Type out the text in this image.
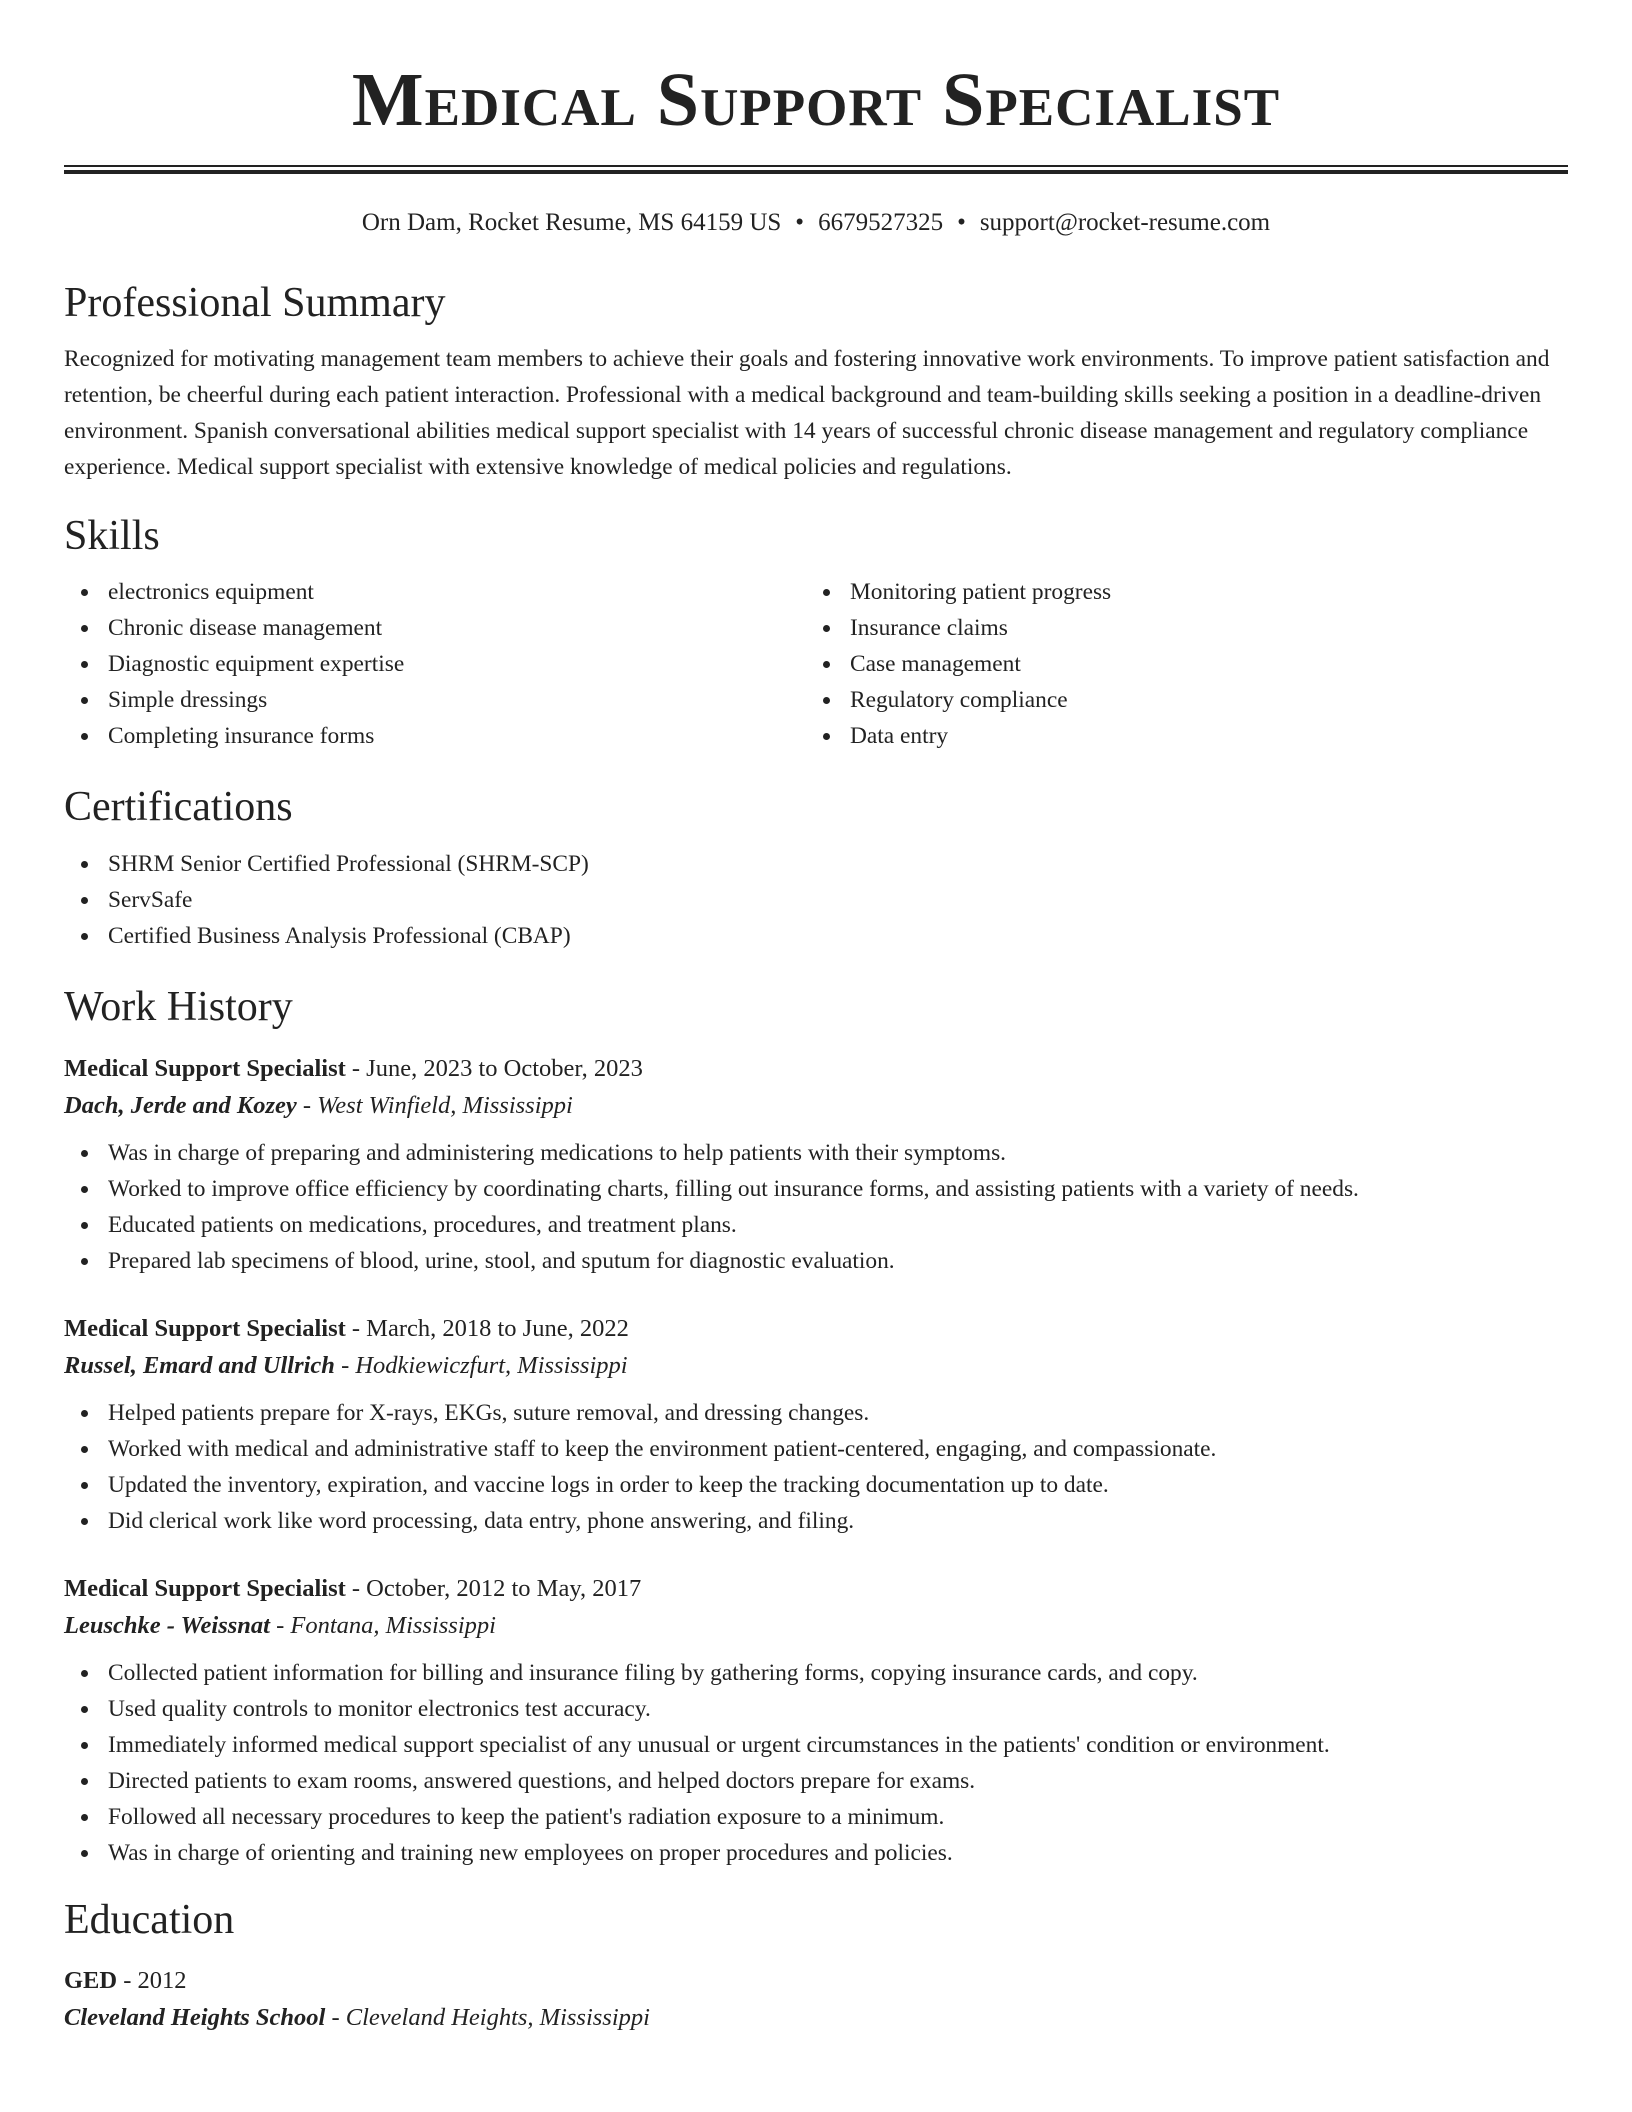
Medical Support Specialist
Orn Dam, Rocket Resume, MS 64159 US • 6679527325 • support@rocket-resume.com
Professional Summary

Recognized for motivating management team members to achieve their goals and fostering innovative work environments. To improve patient satisfaction and retention, be cheerful during each patient interaction. Professional with a medical background and team-building skills seeking a position in a deadline-driven environment. Spanish conversational abilities medical support specialist with 14 years of successful chronic disease management and regulatory compliance experience. Medical support specialist with extensive knowledge of medical policies and regulations.

Skills
electronics equipment
Chronic disease management
Diagnostic equipment expertise
Simple dressings
Completing insurance forms
Monitoring patient progress
Insurance claims
Case management
Regulatory compliance
Data entry
Certifications
SHRM Senior Certified Professional (SHRM-SCP)
ServSafe
Certified Business Analysis Professional (CBAP)
Work History
Medical Support Specialist - June, 2023 to October, 2023
Dach, Jerde and Kozey - West Winfield, Mississippi
Was in charge of preparing and administering medications to help patients with their symptoms.
Worked to improve office efficiency by coordinating charts, filling out insurance forms, and assisting patients with a variety of needs.
Educated patients on medications, procedures, and treatment plans.
Prepared lab specimens of blood, urine, stool, and sputum for diagnostic evaluation.
Medical Support Specialist - March, 2018 to June, 2022
Russel, Emard and Ullrich - Hodkiewiczfurt, Mississippi
Helped patients prepare for X-rays, EKGs, suture removal, and dressing changes.
Worked with medical and administrative staff to keep the environment patient-centered, engaging, and compassionate.
Updated the inventory, expiration, and vaccine logs in order to keep the tracking documentation up to date.
Did clerical work like word processing, data entry, phone answering, and filing.
Medical Support Specialist - October, 2012 to May, 2017
Leuschke - Weissnat - Fontana, Mississippi
Collected patient information for billing and insurance filing by gathering forms, copying insurance cards, and copy.
Used quality controls to monitor electronics test accuracy.
Immediately informed medical support specialist of any unusual or urgent circumstances in the patients' condition or environment.
Directed patients to exam rooms, answered questions, and helped doctors prepare for exams.
Followed all necessary procedures to keep the patient's radiation exposure to a minimum.
Was in charge of orienting and training new employees on proper procedures and policies.
Education
GED - 2012
Cleveland Heights School - Cleveland Heights, Mississippi
